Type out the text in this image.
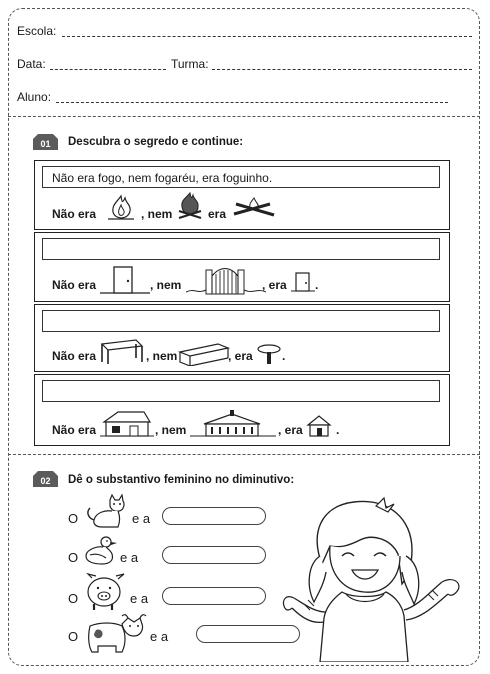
Escola:
Data:	Turma:
Aluno:
01 Descubra o segredo e continue:
Não era fogo, nem fogaréu, era foguinho.
Não era	, nem	era
Não era	, nem	, era .
Não era	, nem	, era .
Não era	, nem	, era	.
02 Dê o substantivo feminino no diminutivo:
O	e a
O	e a
O	e a
O	e a
